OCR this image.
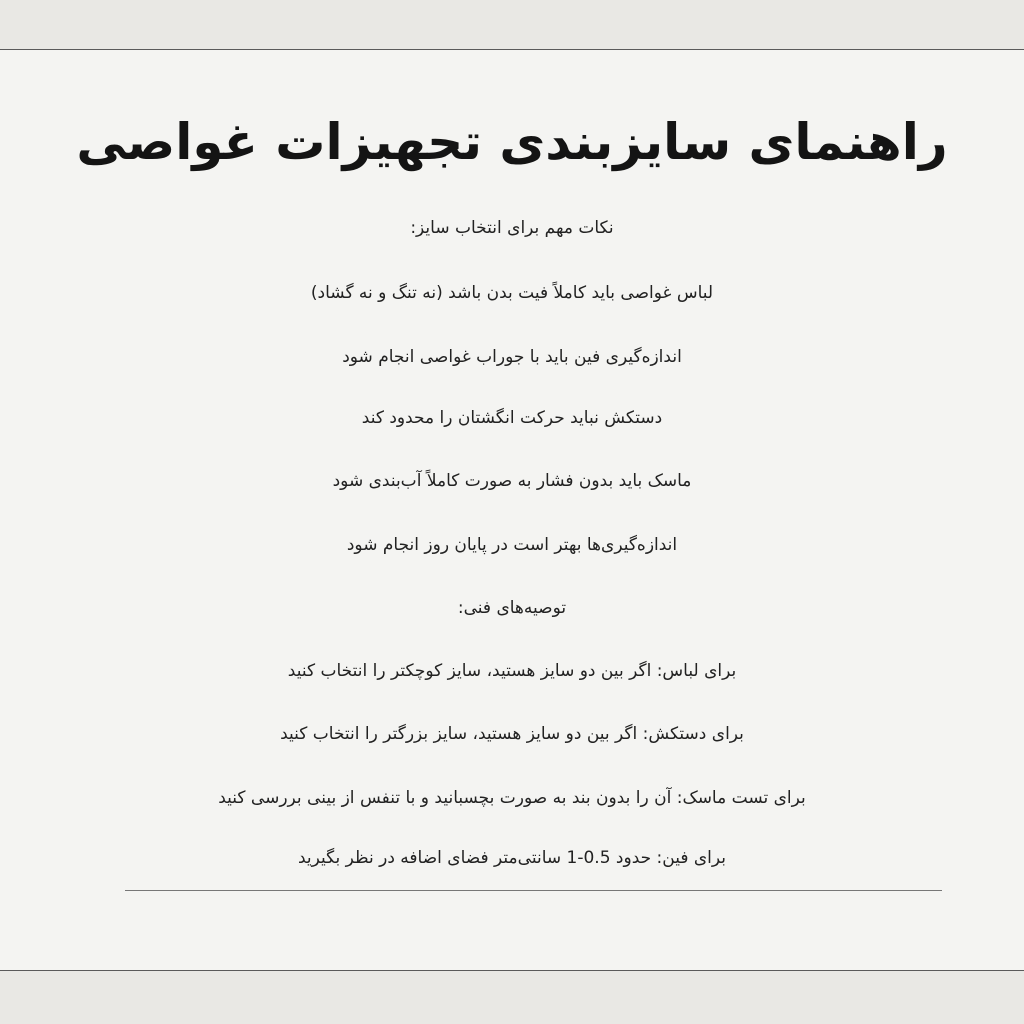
راهنمای سایزبندی تجهیزات غواصی

نکات مهم برای انتخاب سایز:

لباس غواصی باید کاملاً فیت بدن باشد (نه تنگ و نه گشاد)

اندازه‌گیری فین باید با جوراب غواصی انجام شود

دستکش نباید حرکت انگشتان را محدود کند

ماسک باید بدون فشار به صورت کاملاً آب‌بندی شود

اندازه‌گیری‌ها بهتر است در پایان روز انجام شود

توصیه‌های فنی:

برای لباس: اگر بین دو سایز هستید، سایز کوچکتر را انتخاب کنید

برای دستکش: اگر بین دو سایز هستید، سایز بزرگتر را انتخاب کنید

برای تست ماسک: آن را بدون بند به صورت بچسبانید و با تنفس از بینی بررسی کنید

برای فین: حدود 0.5-1 سانتی‌متر فضای اضافه در نظر بگیرید
